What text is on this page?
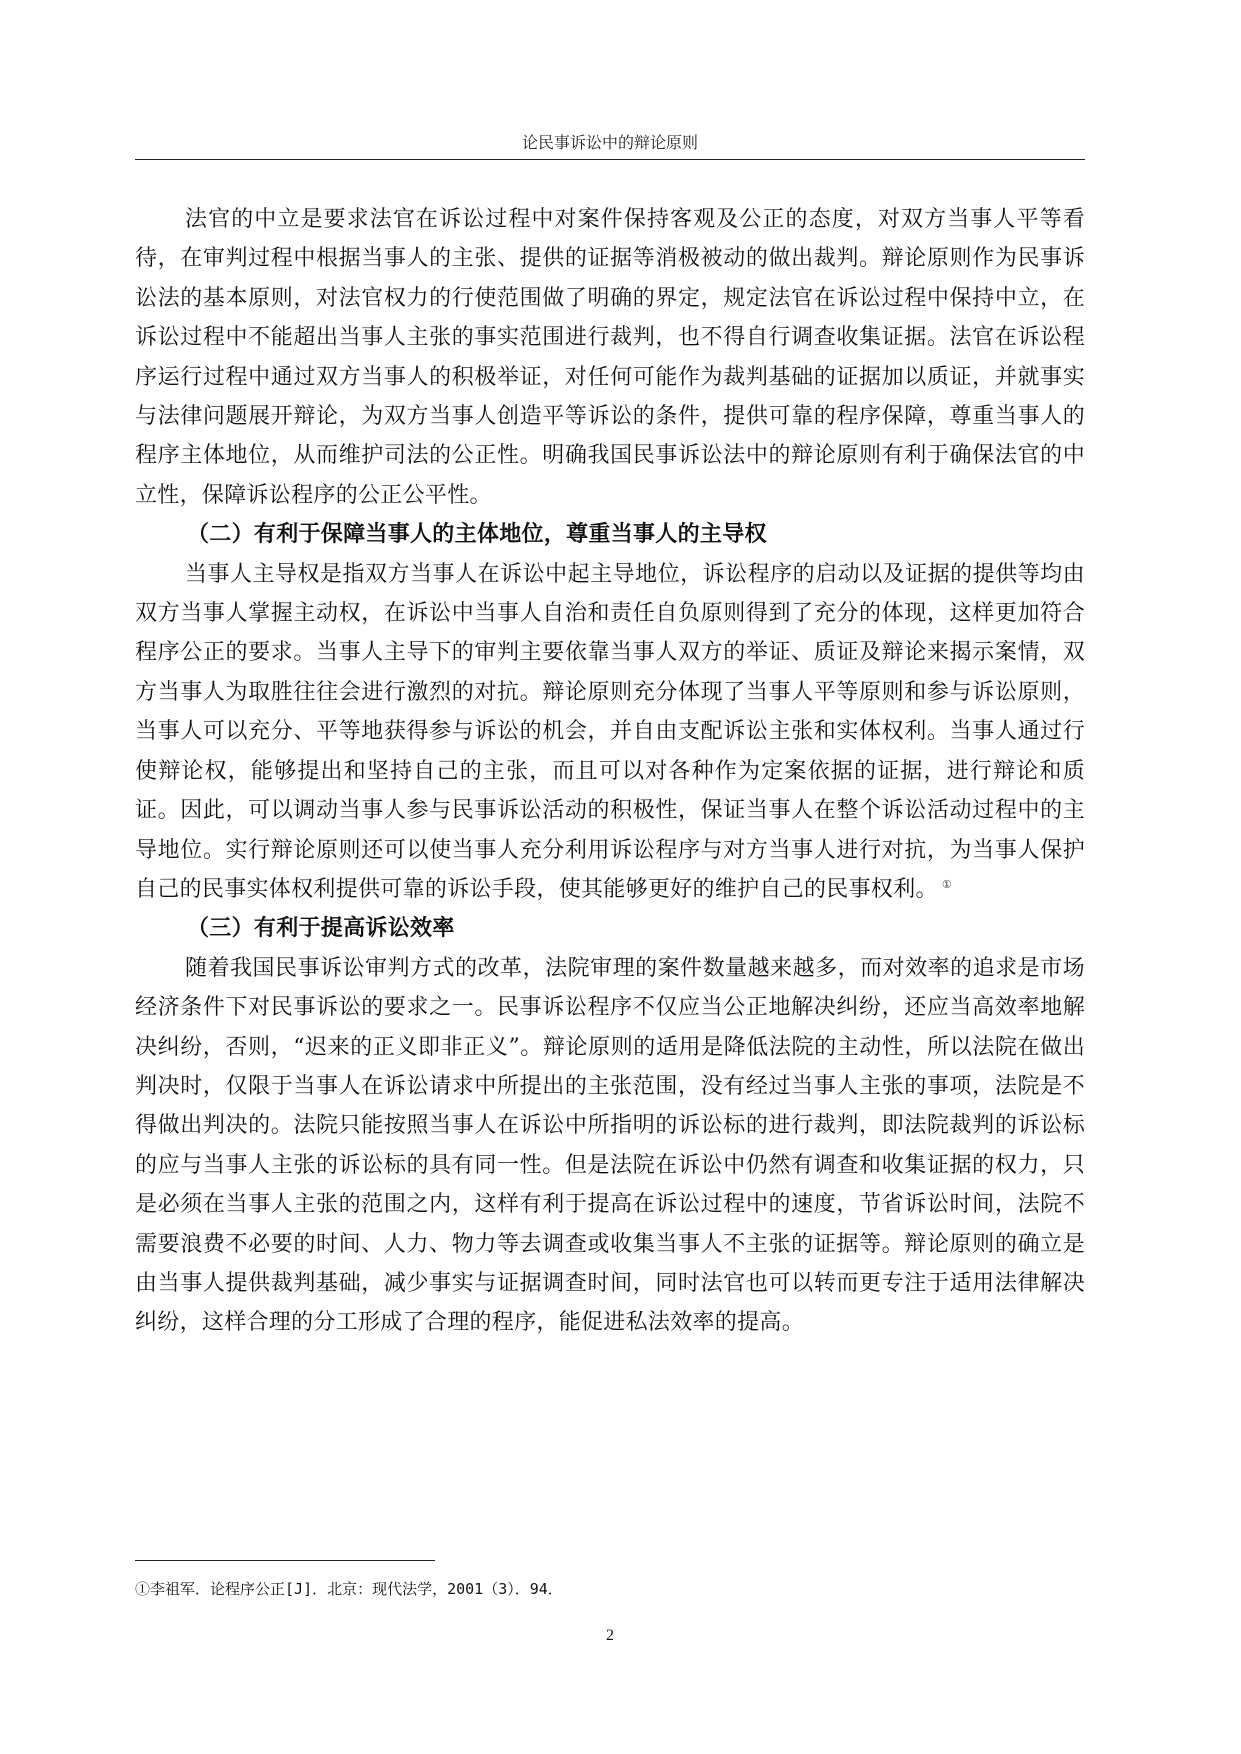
论民事诉讼中的辩论原则

法官的中立是要求法官在诉讼过程中对案件保持客观及公正的态度，对双方当事人平等看待，在审判过程中根据当事人的主张、提供的证据等消极被动的做出裁判。辩论原则作为民事诉讼法的基本原则，对法官权力的行使范围做了明确的界定，规定法官在诉讼过程中保持中立，在诉讼过程中不能超出当事人主张的事实范围进行裁判，也不得自行调查收集证据。法官在诉讼程序运行过程中通过双方当事人的积极举证，对任何可能作为裁判基础的证据加以质证，并就事实与法律问题展开辩论，为双方当事人创造平等诉讼的条件，提供可靠的程序保障，尊重当事人的程序主体地位，从而维护司法的公正性。明确我国民事诉讼法中的辩论原则有利于确保法官的中立性，保障诉讼程序的公正公平性。

（二）有利于保障当事人的主体地位，尊重当事人的主导权

当事人主导权是指双方当事人在诉讼中起主导地位，诉讼程序的启动以及证据的提供等均由双方当事人掌握主动权，在诉讼中当事人自治和责任自负原则得到了充分的体现，这样更加符合程序公正的要求。当事人主导下的审判主要依靠当事人双方的举证、质证及辩论来揭示案情，双方当事人为取胜往往会进行激烈的对抗。辩论原则充分体现了当事人平等原则和参与诉讼原则，当事人可以充分、平等地获得参与诉讼的机会，并自由支配诉讼主张和实体权利。当事人通过行使辩论权，能够提出和坚持自己的主张，而且可以对各种作为定案依据的证据，进行辩论和质证。因此，可以调动当事人参与民事诉讼活动的积极性，保证当事人在整个诉讼活动过程中的主导地位。实行辩论原则还可以使当事人充分利用诉讼程序与对方当事人进行对抗，为当事人保护自己的民事实体权利提供可靠的诉讼手段，使其能够更好的维护自己的民事权利。 ①

（三）有利于提高诉讼效率

随着我国民事诉讼审判方式的改革，法院审理的案件数量越来越多，而对效率的追求是市场经济条件下对民事诉讼的要求之一。民事诉讼程序不仅应当公正地解决纠纷，还应当高效率地解决纠纷，否则，“迟来的正义即非正义”。辩论原则的适用是降低法院的主动性，所以法院在做出判决时，仅限于当事人在诉讼请求中所提出的主张范围，没有经过当事人主张的事项，法院是不得做出判决的。法院只能按照当事人在诉讼中所指明的诉讼标的进行裁判，即法院裁判的诉讼标的应与当事人主张的诉讼标的具有同一性。但是法院在诉讼中仍然有调查和收集证据的权力，只是必须在当事人主张的范围之内，这样有利于提高在诉讼过程中的速度，节省诉讼时间，法院不需要浪费不必要的时间、人力、物力等去调查或收集当事人不主张的证据等。辩论原则的确立是由当事人提供裁判基础，减少事实与证据调查时间，同时法官也可以转而更专注于适用法律解决纠纷，这样合理的分工形成了合理的程序，能促进私法效率的提高。

①李祖军．论程序公正[J]．北京：现代法学，2001（3）．94．
2
